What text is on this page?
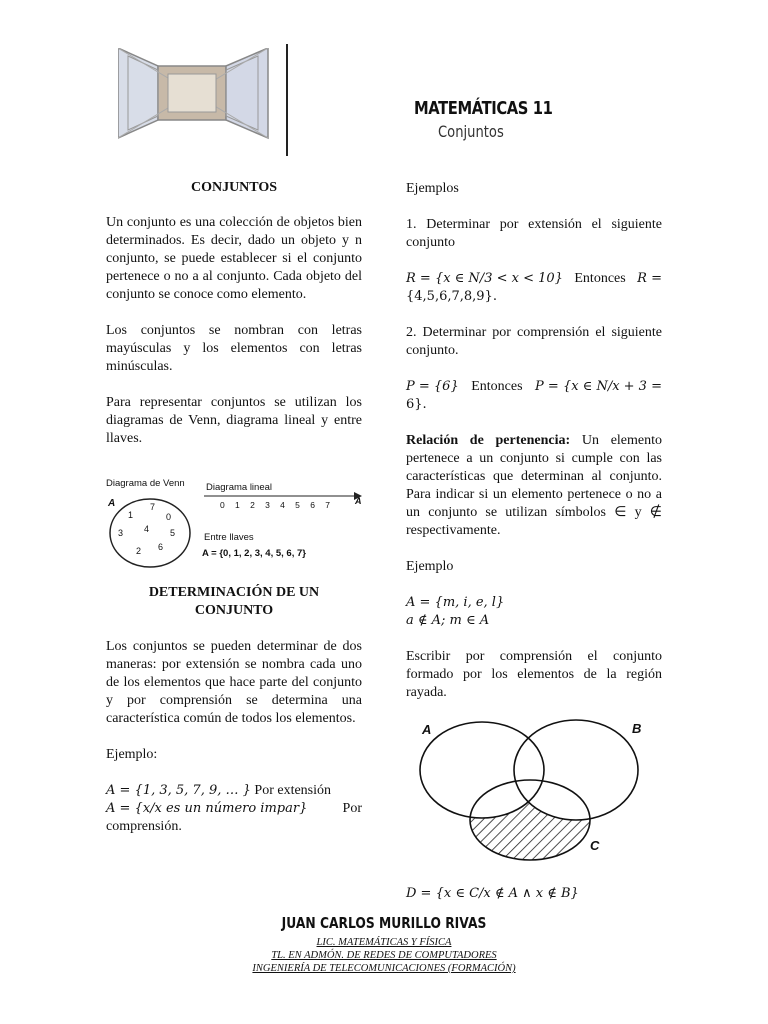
MATEMÁTICAS 11
Conjuntos
CONJUNTOS

Un conjunto es una colección de objetos bien determinados. Es decir, dado un objeto y n conjunto, se puede establecer si el conjunto pertenece o no a al conjunto. Cada objeto del conjunto se conoce como elemento.

Los conjuntos se nombran con letras mayúsculas y los elementos con letras minúsculas.

Para representar conjuntos se utilizan los diagramas de Venn, diagrama lineal y entre llaves.

Diagrama de Venn
A
1
7
0
3 4 5
2 6
Diagrama lineal
A
0 1 2 3 4 5 6 7
Entre llaves
A = {0, 1, 2, 3, 4, 5, 6, 7}
DETERMINACIÓN DE UN
CONJUNTO

Los conjuntos se pueden determinar de dos maneras: por extensión se nombra cada uno de los elementos que hace parte del conjunto y por comprensión se determina una característica común de todos los elementos.

Ejemplo:

A = {1, 3, 5, 7, 9, … } Por extensión
A = {x/x es un número impar}	Por
comprensión.

Ejemplos

1. Determinar por extensión el siguiente conjunto

R = {x ∈ N/3 < x < 10} Entonces R =
{4,5,6,7,8,9}.

2. Determinar por comprensión el siguiente conjunto.

P = {6} Entonces P = {x ∈ N/x + 3 =
6}.

Relación de pertenencia: Un elemento pertenece a un conjunto si cumple con las características que determinan al conjunto. Para indicar si un elemento pertenece o no a un conjunto se utilizan símbolos ∈ y ∉ respectivamente.

Ejemplo

A = {m, i, e, l}
a ∉ A; m ∈ A

Escribir por comprensión el conjunto formado por los elementos de la región rayada.

A	B
C
D = {x ∈ C/x ∉ A ∧ x ∉ B}
JUAN CARLOS MURILLO RIVAS
LIC. MATEMÁTICAS Y FÍSICA
TL. EN ADMÓN. DE REDES DE COMPUTADORES
INGENIERÍA DE TELECOMUNICACIONES (FORMACIÓN)
